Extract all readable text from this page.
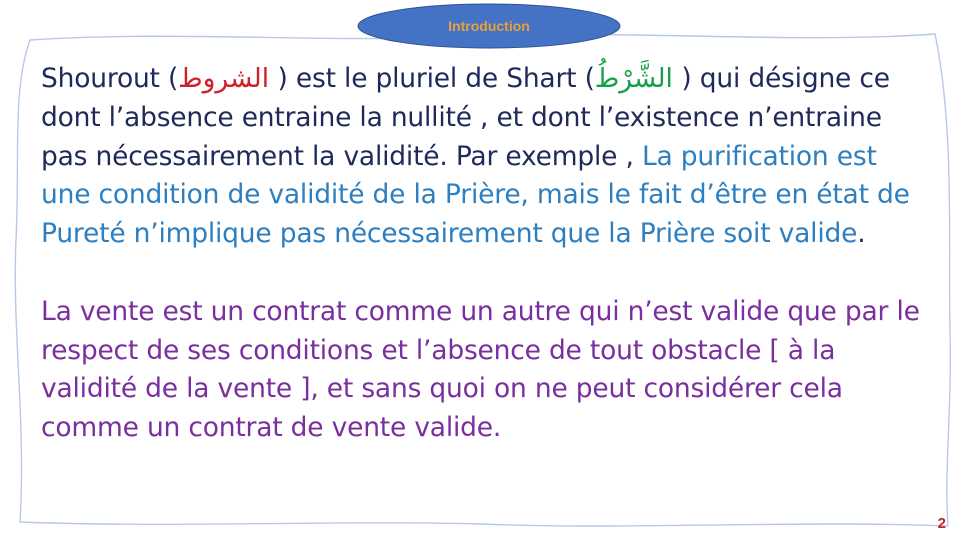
Introduction

Shourout (الشروط ) est le pluriel de Shart (الشَّرْطُ ) qui désigne ce dont l’absence entraine la nullité , et dont l’existence n’entraine pas nécessairement la validité. Par exemple , La purification est une condition de validité de la Prière, mais le fait d’être en état de Pureté n’implique pas nécessairement que la Prière soit valide.

La vente est un contrat comme un autre qui n’est valide que par le respect de ses conditions et l’absence de tout obstacle [ à la validité de la vente ], et sans quoi on ne peut considérer cela comme un contrat de vente valide.

2
